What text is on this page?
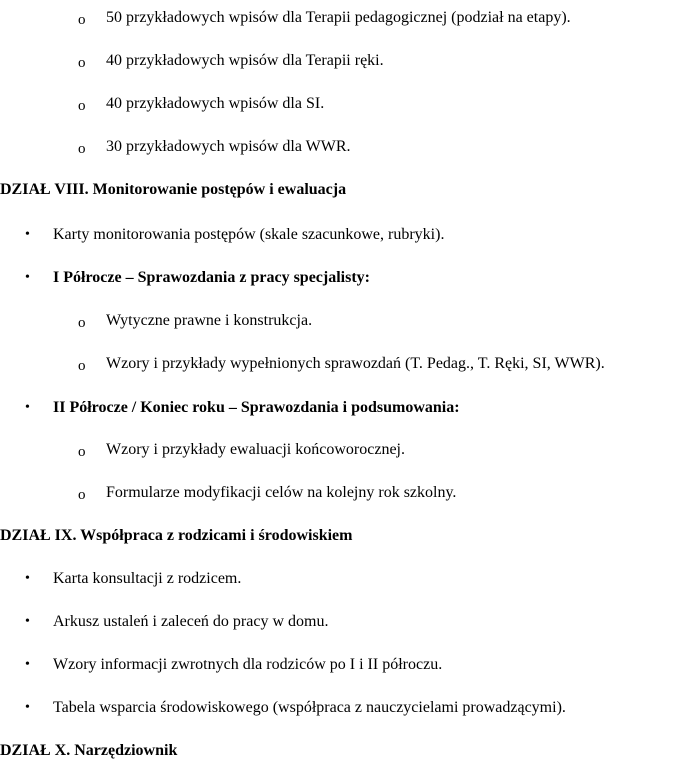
o 50 przykładowych wpisów dla Terapii pedagogicznej (podział na etapy).
o 40 przykładowych wpisów dla Terapii ręki.
o 40 przykładowych wpisów dla SI.
o 30 przykładowych wpisów dla WWR.
DZIAŁ VIII. Monitorowanie postępów i ewaluacja
• Karty monitorowania postępów (skale szacunkowe, rubryki).
• I Półrocze – Sprawozdania z pracy specjalisty:
o Wytyczne prawne i konstrukcja.
o Wzory i przykłady wypełnionych sprawozdań (T. Pedag., T. Ręki, SI, WWR).
• II Półrocze / Koniec roku – Sprawozdania i podsumowania:
o Wzory i przykłady ewaluacji końcoworocznej.
o Formularze modyfikacji celów na kolejny rok szkolny.
DZIAŁ IX. Współpraca z rodzicami i środowiskiem
• Karta konsultacji z rodzicem.
• Arkusz ustaleń i zaleceń do pracy w domu.
• Wzory informacji zwrotnych dla rodziców po I i II półroczu.
• Tabela wsparcia środowiskowego (współpraca z nauczycielami prowadzącymi).
DZIAŁ X. Narzędziownik
